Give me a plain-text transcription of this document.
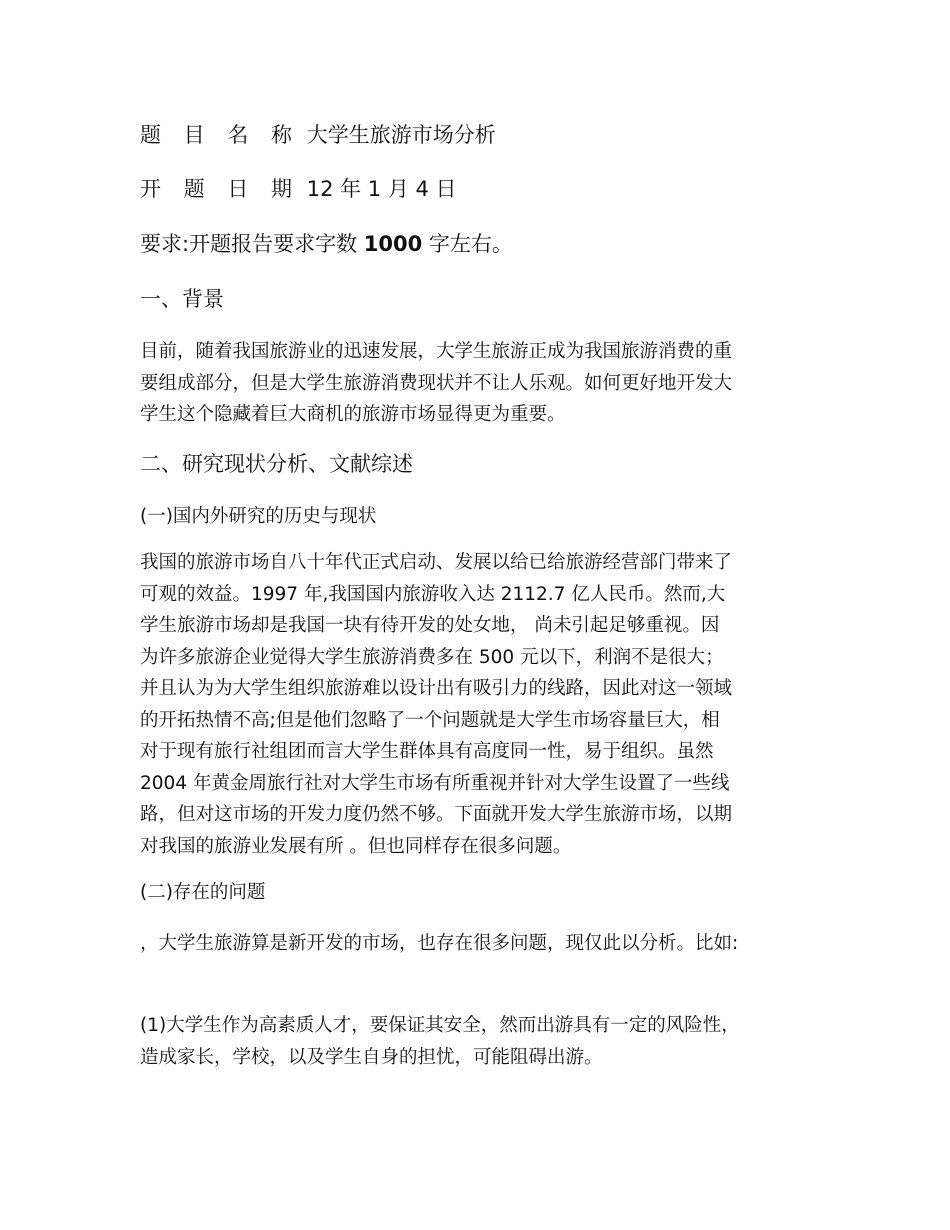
题 目 名 称 大学生旅游市场分析
开 题 日 期 12 年 1 月 4 日
要求:开题报告要求字数 1000 字左右。
一、背景
目前，随着我国旅游业的迅速发展，大学生旅游正成为我国旅游消费的重
要组成部分，但是大学生旅游消费现状并不让人乐观。如何更好地开发大
学生这个隐藏着巨大商机的旅游市场显得更为重要。
二、研究现状分析、文献综述
(一)国内外研究的历史与现状
我国的旅游市场自八十年代正式启动、发展以给已给旅游经营部门带来了
可观的效益。1997 年,我国国内旅游收入达 2112.7 亿人民币。然而,大
学生旅游市场却是我国一块有待开发的处女地， 尚未引起足够重视。因
为许多旅游企业觉得大学生旅游消费多在 500 元以下，利润不是很大；
并且认为为大学生组织旅游难以设计出有吸引力的线路，因此对这一领域
的开拓热情不高;但是他们忽略了一个问题就是大学生市场容量巨大，相
对于现有旅行社组团而言大学生群体具有高度同一性，易于组织。虽然
2004 年黄金周旅行社对大学生市场有所重视并针对大学生设置了一些线
路，但对这市场的开发力度仍然不够。下面就开发大学生旅游市场，以期
对我国的旅游业发展有所 。但也同样存在很多问题。
(二)存在的问题
，大学生旅游算是新开发的市场，也存在很多问题，现仅此以分析。比如:
(1)大学生作为高素质人才，要保证其安全，然而出游具有一定的风险性，
造成家长，学校，以及学生自身的担忧，可能阻碍出游。
